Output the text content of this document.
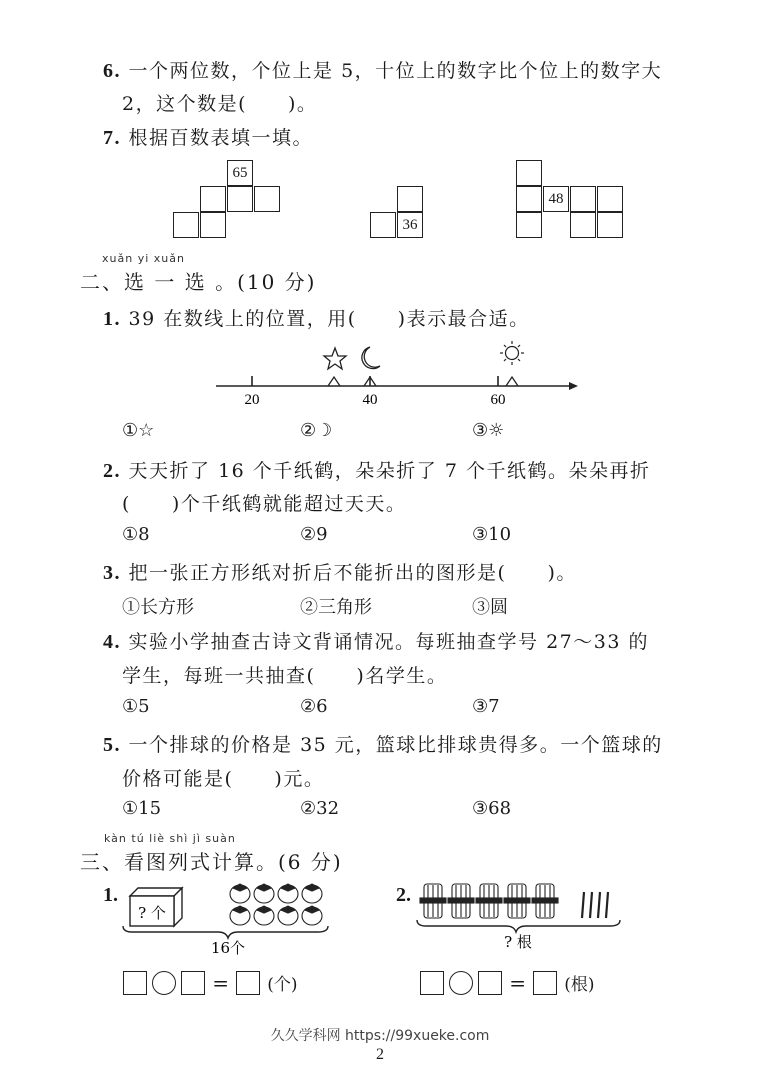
6. 一个两位数，个位上是 5，十位上的数字比个位上的数字大
2，这个数是(　　)。
7. 根据百数表填一填。
65
36
48
xuǎn yi xuǎn
二、选 一 选 。(10 分)
1. 39 在数线上的位置，用(　　)表示最合适。
20	40	60
①☆	②☽	③☼
2. 天天折了 16 个千纸鹤，朵朵折了 7 个千纸鹤。朵朵再折
(　　)个千纸鹤就能超过天天。
①8	②9	③10
3. 把一张正方形纸对折后不能折出的图形是(　　)。
①长方形	②三角形	③圆
4. 实验小学抽查古诗文背诵情况。每班抽查学号 27～33 的
学生，每班一共抽查(　　)名学生。
①5	②6	③7
5. 一个排球的价格是 35 元，篮球比排球贵得多。一个篮球的
价格可能是(　　)元。
①15	②32	③68
kàn tú liè shì jì suàn
三、看图列式计算。(6 分)
1.
? 个
16个
= (个)
2.
? 根
= (根)
久久学科网 https://99xueke.com
2
